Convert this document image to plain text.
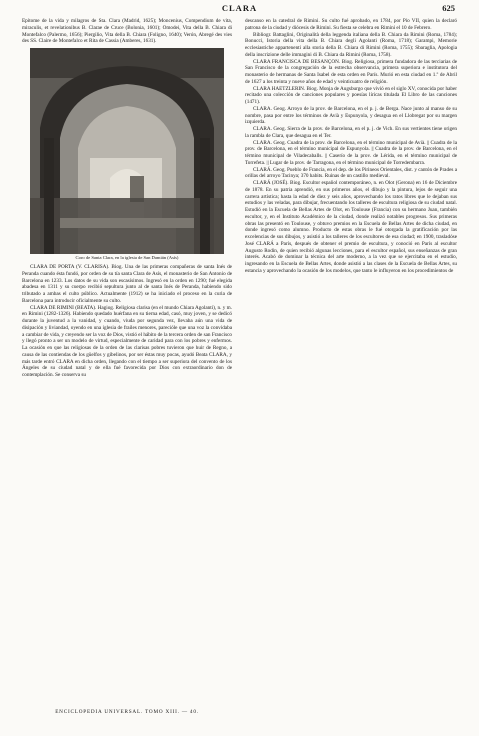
CLARA	625

Epítome de la vida y milagros de Sta. Clara (Madrid, 1625); Moncenius, Compendium de vita, miraculis, et revelationibus B. Clarae de Cruce (Bolonia, 1601); Omodei, Vita della B. Chiara di Montefalco (Palermo, 1656); Piergilio, Vita della B. Chiara (Foligno, 1640); Verón, Abregé des vies des SS. Claire de Montefalco et Rita de Cassia (Amberes, 1631).

Coro de Santa Clara, en la iglesia de San Damián (Asís)

CLARA DE PORTA (V. CLARISA). Biog. Una de las primeras compañeras de santa Inés de Peranda cuando ésta fundó, por orden de su tía santa Clara de Asís, el monasterio de San Antonio de Barcelona en 1233. Los datos de su vida son escasísimos. Ingresó en la orden en 1290; fué elegida abadesa en 1311 y su cuerpo recibió sepultura junto al de santa Inés de Peranda, habiendo sido tributado a ambas el culto público. Actualmente (1912) se ha iniciado el proceso en la curia de Barcelona para introducir oficialmente su culto.

CLARA DE RIMINI (BEATA). Hagiog. Religiosa clarisa (en el mundo Chiara Agolanti), n. y m. en Rimini (1282-1326). Habiendo quedado huérfana en su tierna edad, casó, muy joven, y se dedicó durante la juventud a la vanidad, y cuando, viuda por segunda vez, llevaba aún una vida de disipación y liviandad, oyendo en una iglesia de frailes menores, parecióle que una voz la convidaba a cambiar de vida, y creyendo ser la voz de Dios, vistió el hábito de la tercera orden de san Francisco y llegó pronto a ser un modelo de virtud, especialmente de caridad para con los pobres y enfermos. La ocasión en que las religiosas de la orden de las clarisas pobres tuvieron que huir de Regno, a causa de las contiendas de los güelfos y gibelinos, por ser éstas muy pocas, ayudó Beata CLARA, y más tarde entró CLARA en dicha orden, llegando con el tiempo a ser superiora del convento de los Ángeles de su ciudad natal y de ella fué favorecida por Dios con extraordinario don de contemplación. Se conserva su

ENCICLOPEDIA UNIVERSAL. TOMO XIII. — 40.

descanso en la catedral de Rimini. Su culto fué aprobado, en 1784, por Pío VII, quien la declaró patrona de la ciudad y diócesis de Rimini. Su fiesta se celebra en Rimini el 10 de Febrero.

Bibliogr. Battaglini, Originalità della leggenda italiana della B. Chiara da Rimini (Roma, 1784); Bonucci, Istoria della vita della B. Chiara degli Agolanti (Roma, 1718); Garampi, Memorie ecclesiastiche appartenenti alla storia della B. Chiara di Rimini (Roma, 1755); Sbaraglia, Apologia della inscrizione delle immagini di B. Chiara da Rimini (Roma, 1758).

CLARA FRANCISCA DE BESANÇON. Biog. Religiosa, primera fundadora de las terciarias de San Francisco de la congregación de la estrecha observancia, primera superiora e institutora del monasterio de hermanas de Santa Isabel de esta orden en París. Murió en esta ciudad en 1.º de Abril de 1627 a los treinta y nueve años de edad y veinticuatro de religión.

CLARA HAETZLERIN. Biog. Monja de Augsburgo que vivió en el siglo XV, conocida por haber recitado una colección de canciones populares y poesías líricas titulada El Libro de las canciones (1471).

CLARA. Geog. Arroyo de la prov. de Barcelona, en el p. j. de Berga. Nace junto al manso de su nombre, pasa por entre los términos de Avià y Espunyola, y desagua en el Llobregat por su margen izquierda.

CLARA. Geog. Sierra de la prov. de Barcelona, en el p. j. de Vich. En sus vertientes tiene origen la rambla de Clara, que desagua en el Ter.

CLARA. Geog. Cuadra de la prov. de Barcelona, en el término municipal de Avià. || Cuadra de la prov. de Barcelona, en el término municipal de Espunyola. || Cuadra de la prov. de Barcelona, en el término municipal de Viladecaballs. || Caserío de la prov. de Lérida, en el término municipal de Torrefeta. || Lugar de la prov. de Tarragona, en el término municipal de Torredembarra.

CLARÁ. Geog. Pueblo de Francia, en el dep. de los Pirineos Orientales, dist. y cantón de Prades a orillas del arroyo Tacinya; 370 habits. Ruinas de un castillo medieval.

CLARÁ (JOSÉ). Biog. Escultor español contemporáneo, n. en Olot (Gerona) en 16 de Diciembre de 1878. En su patria aprendió, en sus primeros años, el dibujo y la pintura, lejos de seguir una carrera artística; hasta la edad de diez y seis años, aprovechando los ratos libres que le dejaban sus estudios y las veladas, para dibujar, frecuentando los talleres de escultura religiosa de su ciudad natal. Estudió en la Escuela de Bellas Artes de Olot, en Toulouse (Francia) con su hermano Juan, también escultor, y, en el Instituto Académico de la ciudad, donde realizó notables progresos. Sus primeras obras las presentó en Toulouse, y obtuvo premios en la Escuela de Bellas Artes de dicha ciudad, en donde ingresó como alumno. Producto de estas obras le fué otorgada la gratificación por las excelencias de sus dibujos, y asistió a los talleres de los escultores de esa ciudad; en 1900, trasladóse José CLARÁ a París, después de obtener el premio de escultura, y conoció en París al escultor Augusto Rodin, de quien recibió algunas lecciones, para el escultor español, sus enseñanzas de gran interés. Acabó de dominar la técnica del arte moderno, a la vez que se ejercitaba en el estudio, ingresando en la Escuela de Bellas Artes, donde asistió a las clases de la Escuela de Bellas Artes, su estancia y aprovechando la ocasión de los modelos, que tanto le influyeron en los procedimientos de
